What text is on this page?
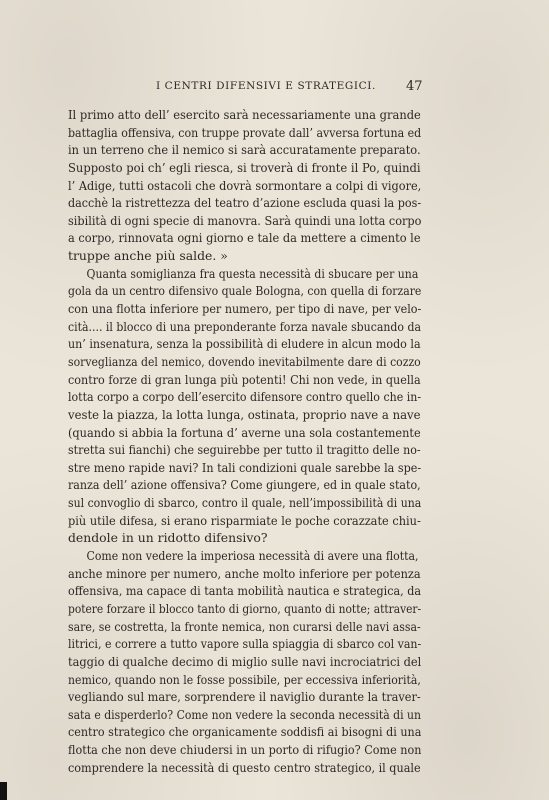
I CENTRI DIFENSIVI E STRATEGICI. 47
Il primo atto dell’ esercito sarà necessariamente una grande
battaglia offensiva, con truppe provate dall’ avversa fortuna ed
in un terreno che il nemico si sarà accuratamente preparato.
Supposto poi ch’ egli riesca, si troverà di fronte il Po, quindi
l’ Adige, tutti ostacoli che dovrà sormontare a colpi di vigore,
dacchè la ristrettezza del teatro d’azione escluda quasi la pos-
sibilità di ogni specie di manovra. Sarà quindi una lotta corpo
a corpo, rinnovata ogni giorno e tale da mettere a cimento le
truppe anche più salde. »
Quanta somiglianza fra questa necessità di sbucare per una
gola da un centro difensivo quale Bologna, con quella di forzare
con una flotta inferiore per numero, per tipo di nave, per velo-
cità.... il blocco di una preponderante forza navale sbucando da
un’ insenatura, senza la possibilità di eludere in alcun modo la
sorveglianza del nemico, dovendo inevitabilmente dare di cozzo
contro forze di gran lunga più potenti! Chi non vede, in quella
lotta corpo a corpo dell’esercito difensore contro quello che in-
veste la piazza, la lotta lunga, ostinata, proprio nave a nave
(quando si abbia la fortuna d’ averne una sola costantemente
stretta sui fianchi) che seguirebbe per tutto il tragitto delle no-
stre meno rapide navi? In tali condizioni quale sarebbe la spe-
ranza dell’ azione offensiva? Come giungere, ed in quale stato,
sul convoglio di sbarco, contro il quale, nell’impossibilità di una
più utile difesa, si erano risparmiate le poche corazzate chiu-
dendole in un ridotto difensivo?
Come non vedere la imperiosa necessità di avere una flotta,
anche minore per numero, anche molto inferiore per potenza
offensiva, ma capace di tanta mobilità nautica e strategica, da
potere forzare il blocco tanto di giorno, quanto di notte; attraver-
sare, se costretta, la fronte nemica, non curarsi delle navi assa-
litrici, e correre a tutto vapore sulla spiaggia di sbarco col van-
taggio di qualche decimo di miglio sulle navi incrociatrici del
nemico, quando non le fosse possibile, per eccessiva inferiorità,
vegliando sul mare, sorprendere il naviglio durante la traver-
sata e disperderlo? Come non vedere la seconda necessità di un
centro strategico che organicamente soddisfi ai bisogni di una
flotta che non deve chiudersi in un porto di rifugio? Come non
comprendere la necessità di questo centro strategico, il quale
